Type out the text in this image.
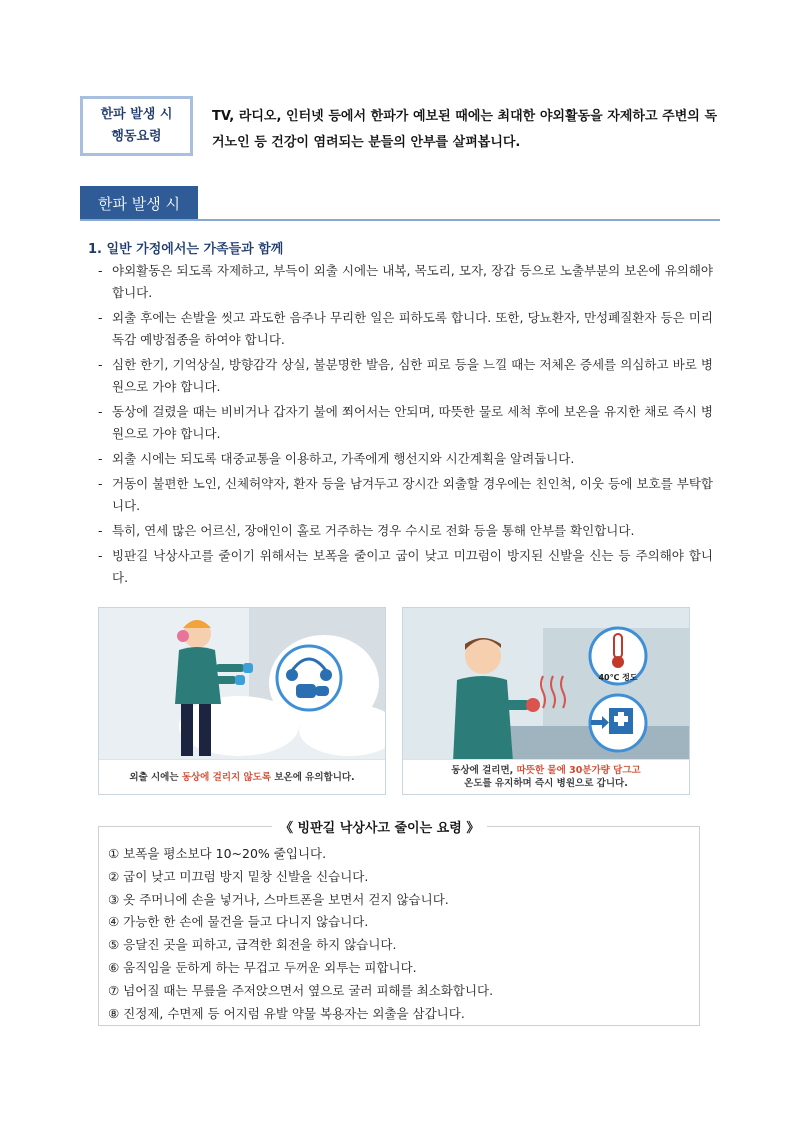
한파 발생 시
행동요령
TV, 라디오, 인터넷 등에서 한파가 예보된 때에는 최대한 야외활동을 자제하고 주변의 독거노인 등 건강이 염려되는 분들의 안부를 살펴봅니다.
한파 발생 시
1. 일반 가정에서는 가족들과 함께
- 야외활동은 되도록 자제하고, 부득이 외출 시에는 내복, 목도리, 모자, 장갑 등으로 노출부분의 보온에 유의해야 합니다.
- 외출 후에는 손발을 씻고 과도한 음주나 무리한 일은 피하도록 합니다. 또한, 당뇨환자, 만성폐질환자 등은 미리 독감 예방접종을 하여야 합니다.
- 심한 한기, 기억상실, 방향감각 상실, 불분명한 발음, 심한 피로 등을 느낄 때는 저체온 증세를 의심하고 바로 병원으로 가야 합니다.
- 동상에 걸렸을 때는 비비거나 갑자기 불에 쬐어서는 안되며, 따뜻한 물로 세척 후에 보온을 유지한 채로 즉시 병원으로 가야 합니다.
- 외출 시에는 되도록 대중교통을 이용하고, 가족에게 행선지와 시간계획을 알려둡니다.
- 거동이 불편한 노인, 신체허약자, 환자 등을 남겨두고 장시간 외출할 경우에는 친인척, 이웃 등에 보호를 부탁합니다.
- 특히, 연세 많은 어르신, 장애인이 홀로 거주하는 경우 수시로 전화 등을 통해 안부를 확인합니다.
- 빙판길 낙상사고를 줄이기 위해서는 보폭을 줄이고 굽이 낮고 미끄럼이 방지된 신발을 신는 등 주의해야 합니다.
외출 시에는 동상에 걸리지 않도록 보온에 유의합니다.
40℃ 정도
동상에 걸리면, 따뜻한 물에 30분가량 담그고
온도를 유지하며 즉시 병원으로 갑니다.
《 빙판길 낙상사고 줄이는 요령 》
① 보폭을 평소보다 10~20% 줄입니다.
② 굽이 낮고 미끄럼 방지 밑창 신발을 신습니다.
③ 옷 주머니에 손을 넣거나, 스마트폰을 보면서 걷지 않습니다.
④ 가능한 한 손에 물건을 들고 다니지 않습니다.
⑤ 응달진 곳을 피하고, 급격한 회전을 하지 않습니다.
⑥ 움직임을 둔하게 하는 무겁고 두꺼운 외투는 피합니다.
⑦ 넘어질 때는 무릎을 주저앉으면서 옆으로 굴러 피해를 최소화합니다.
⑧ 진정제, 수면제 등 어지럼 유발 약물 복용자는 외출을 삼갑니다.
